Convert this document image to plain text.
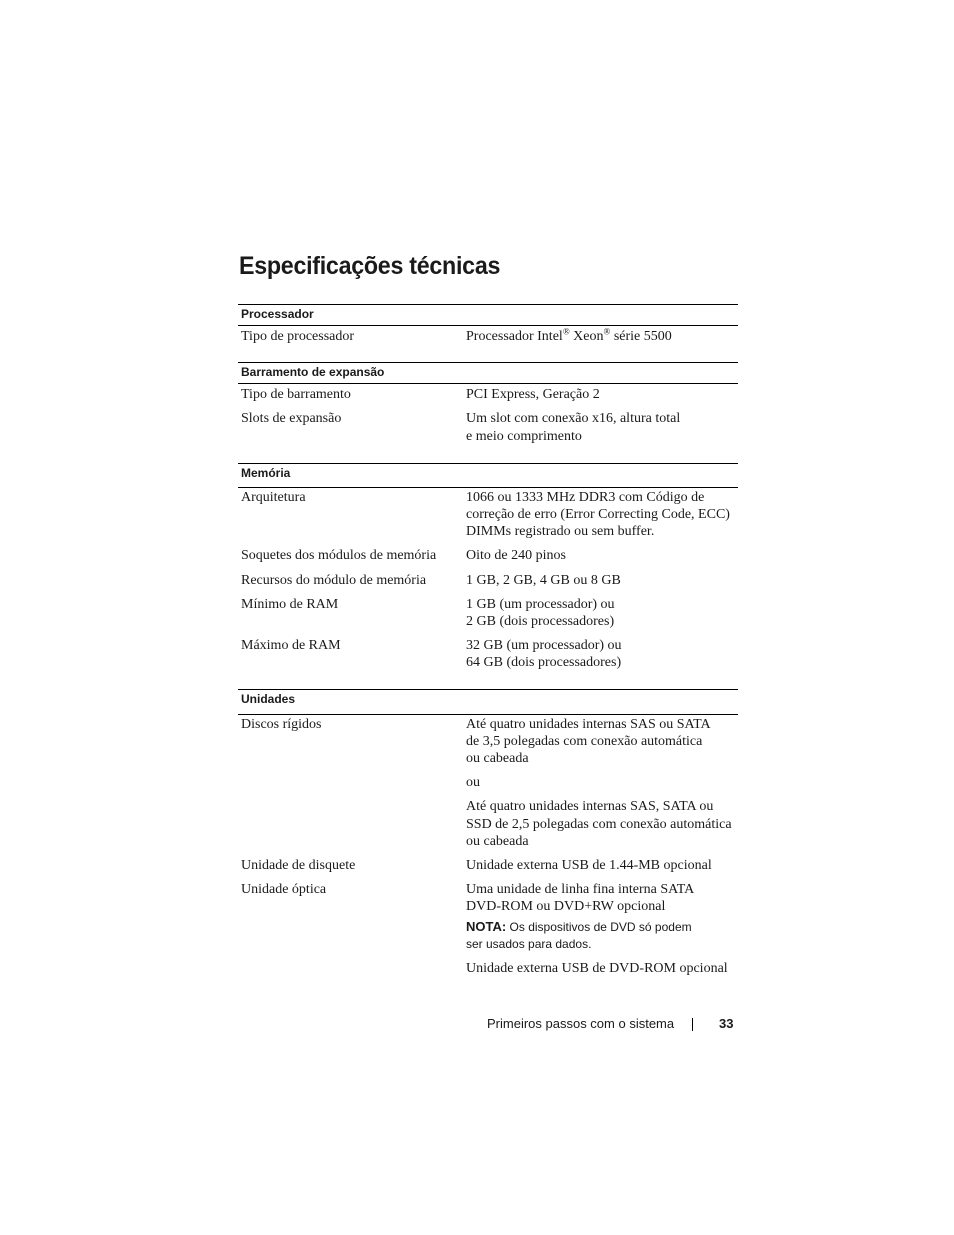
Especificações técnicas
Processador
Tipo de processador	Processador Intel® Xeon® série 5500
Barramento de expansão
Tipo de barramento	PCI Express, Geração 2
Slots de expansão	Um slot com conexão x16, altura total

e meio comprimento

Memória
Arquitetura	1066 ou 1333 MHz DDR3 com Código de

correção de erro (Error Correcting Code, ECC)

DIMMs registrado ou sem buffer.

Soquetes dos módulos de memória	Oito de 240 pinos
Recursos do módulo de memória	1 GB, 2 GB, 4 GB ou 8 GB
Mínimo de RAM	1 GB (um processador) ou

2 GB (dois processadores)

Máximo de RAM	32 GB (um processador) ou

64 GB (dois processadores)

Unidades
Discos rígidos	Até quatro unidades internas SAS ou SATA

de 3,5 polegadas com conexão automática

ou cabeada

ou

Até quatro unidades internas SAS, SATA ou

SSD de 2,5 polegadas com conexão automática

ou cabeada

Unidade de disquete	Unidade externa USB de 1.44-MB opcional
Unidade óptica	Uma unidade de linha fina interna SATA

DVD-ROM ou DVD+RW opcional

NOTA: Os dispositivos de DVD só podem
ser usados para dados.

Unidade externa USB de DVD-ROM opcional

Primeiros passos com o sistema	33
